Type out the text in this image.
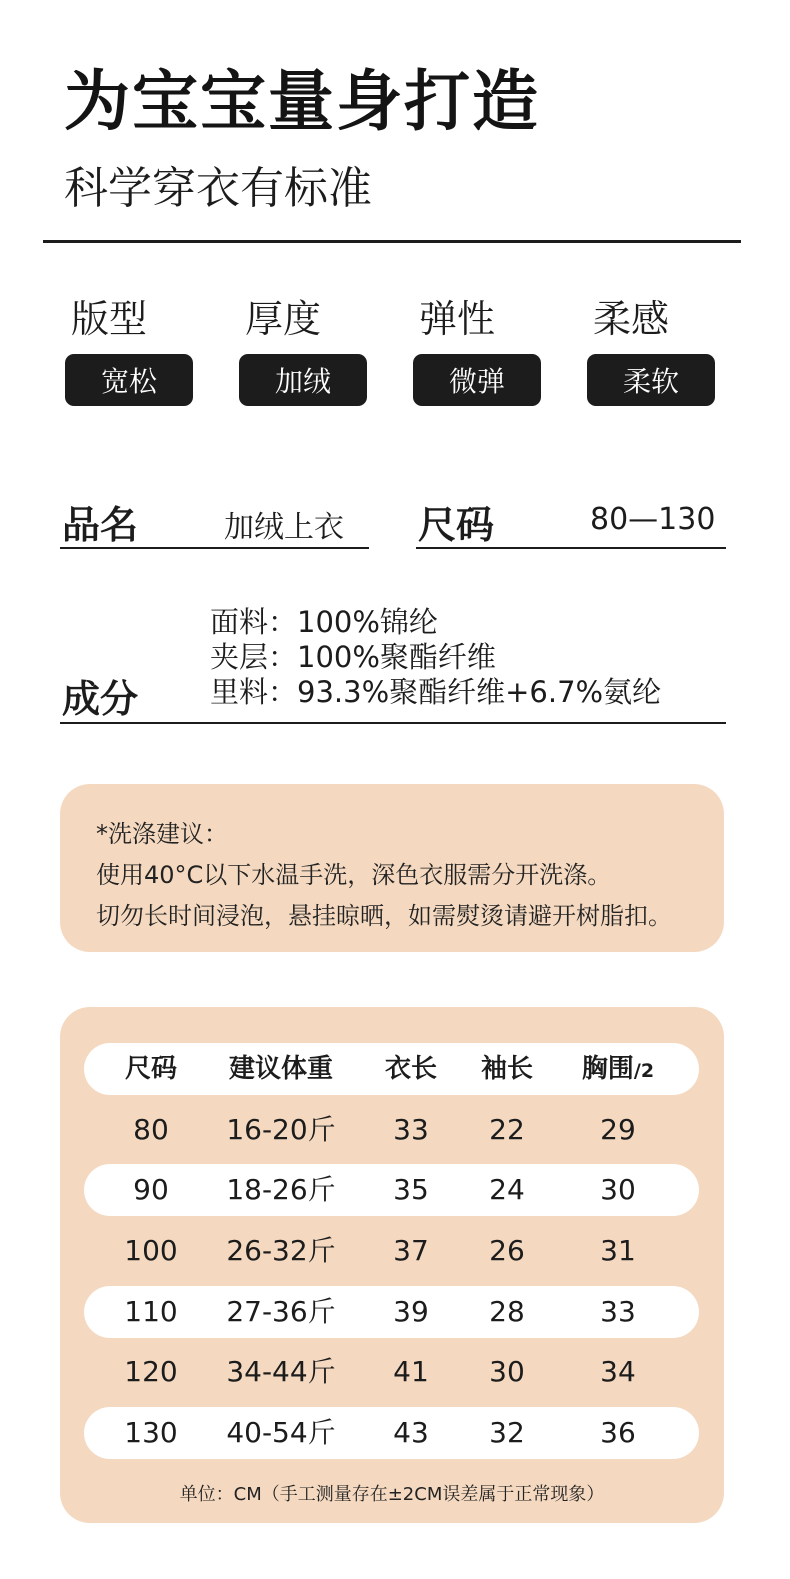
为宝宝量身打造
科学穿衣有标准
版型
宽松
厚度
加绒
弹性
微弹
柔感
柔软
品名	加绒上衣 尺码	80—130
成分
面料：100%锦纶
夹层：100%聚酯纤维
里料：93.3%聚酯纤维+6.7%氨纶
*洗涤建议：
使用40°C以下水温手洗，深色衣服需分开洗涤。
切勿长时间浸泡，悬挂晾晒，如需熨烫请避开树脂扣。
尺码 建议体重 衣长 袖长 胸围/2
80 16-20斤 33 22	29
90 18-26斤 35 24	30
100 26-32斤 37 26	31
110 27-36斤 39 28	33
120 34-44斤 41 30	34
130 40-54斤 43 32	36
单位：CM（手工测量存在±2CM误差属于正常现象）
